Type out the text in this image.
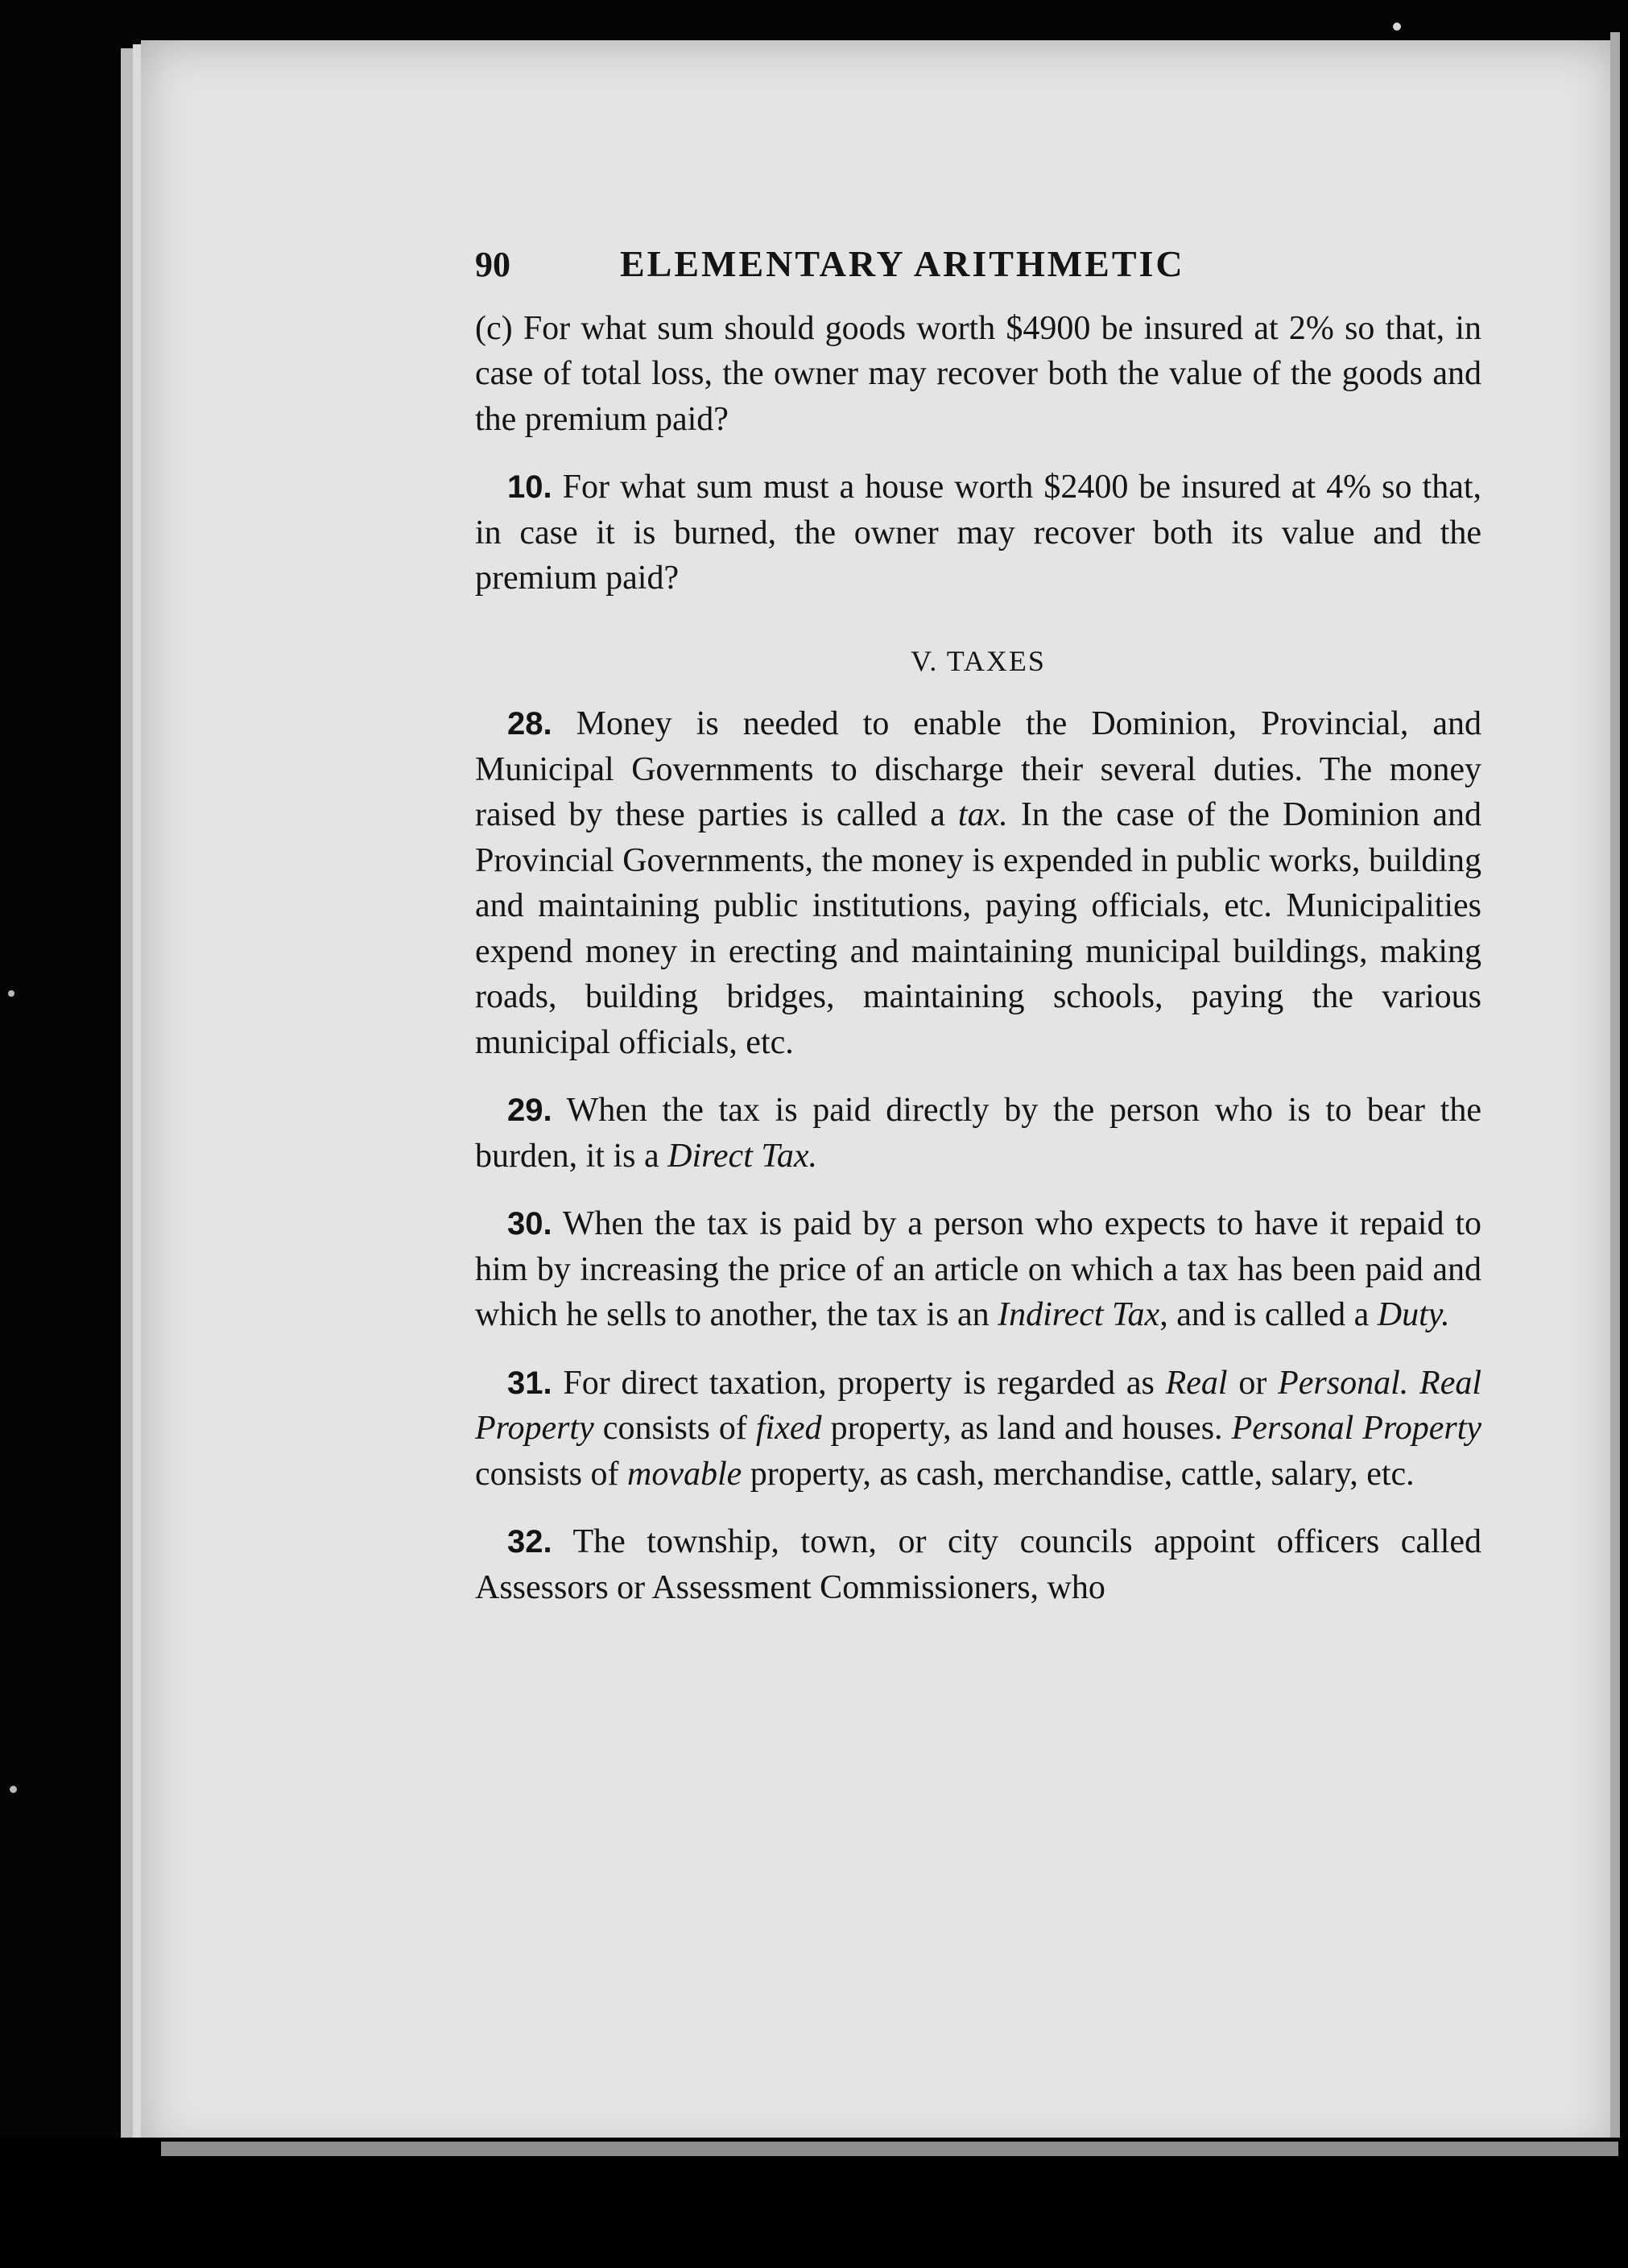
90	ELEMENTARY ARITHMETIC

(c) For what sum should goods worth $4900 be insured at 2% so that, in case of total loss, the owner may recover both the value of the goods and the premium paid?

10. For what sum must a house worth $2400 be insured at 4% so that, in case it is burned, the owner may recover both its value and the premium paid?

V. TAXES

28. Money is needed to enable the Dominion, Provincial, and Municipal Governments to discharge their several duties. The money raised by these parties is called a tax. In the case of the Dominion and Provincial Governments, the money is expended in public works, building and maintaining public institutions, paying officials, etc. Municipalities expend money in erecting and maintaining municipal buildings, making roads, building bridges, maintaining schools, paying the various municipal officials, etc.

29. When the tax is paid directly by the person who is to bear the burden, it is a Direct Tax.

30. When the tax is paid by a person who expects to have it repaid to him by increasing the price of an article on which a tax has been paid and which he sells to another, the tax is an Indirect Tax, and is called a Duty.

31. For direct taxation, property is regarded as Real or Personal. Real Property consists of fixed property, as land and houses. Personal Property consists of movable property, as cash, merchandise, cattle, salary, etc.

32. The township, town, or city councils appoint officers called Assessors or Assessment Commissioners, who
